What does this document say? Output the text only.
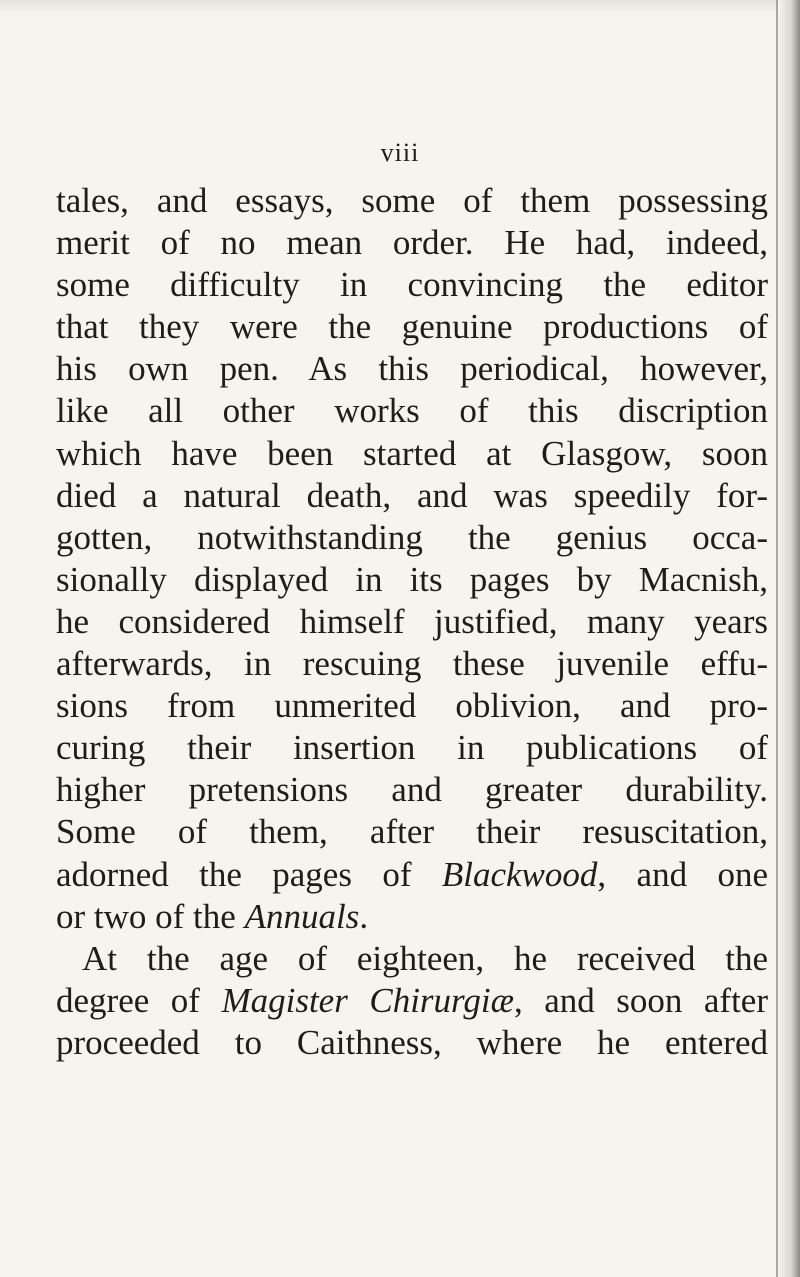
viii
tales, and essays, some of them possessing
merit of no mean order. He had, indeed,
some difficulty in convincing the editor
that they were the genuine productions of
his own pen. As this periodical, however,
like all other works of this discription
which have been started at Glasgow, soon
died a natural death, and was speedily for-
gotten, notwithstanding the genius occa-
sionally displayed in its pages by Macnish,
he considered himself justified, many years
afterwards, in rescuing these juvenile effu-
sions from unmerited oblivion, and pro-
curing their insertion in publications of
higher pretensions and greater durability.
Some of them, after their resuscitation,
adorned the pages of Blackwood, and one
or two of the Annuals.
At the age of eighteen, he received the
degree of Magister Chirurgiæ, and soon after
proceeded to Caithness, where he entered
